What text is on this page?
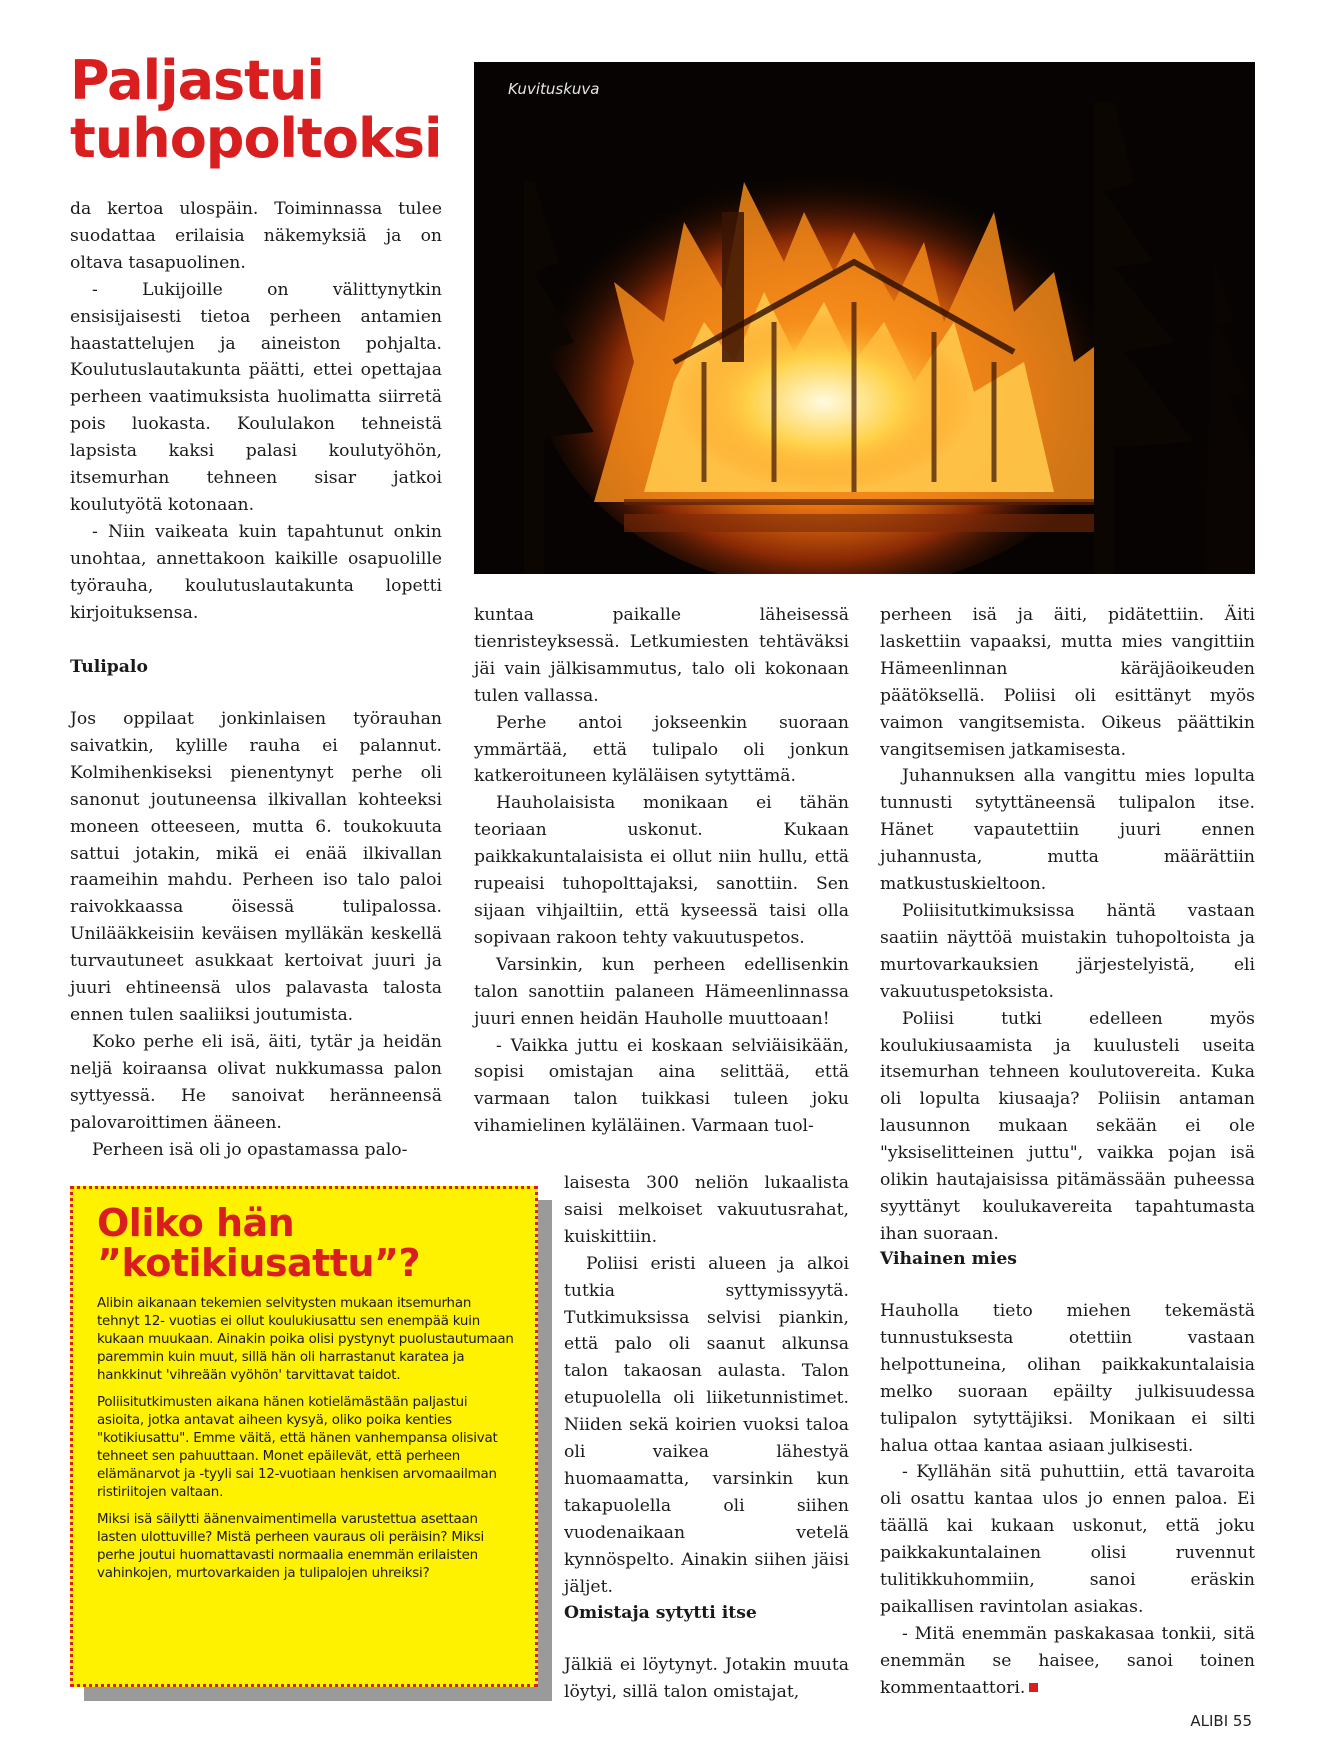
Paljastui
tuhopoltoksi
Kuvituskuva

da kertoa ulospäin. Toiminnassa tulee suodattaa erilaisia näkemyksiä ja on oltava tasapuolinen.

- Lukijoille on välittynytkin ensisijaisesti tietoa perheen antamien haastattelujen ja aineiston pohjalta. Koulutuslautakunta päätti, ettei opettajaa perheen vaatimuksista huolimatta siirretä pois luokasta. Koululakon tehneistä lapsista kaksi palasi koulutyöhön, itsemurhan tehneen sisar jatkoi koulutyötä kotonaan.

- Niin vaikeata kuin tapahtunut onkin unohtaa, annettakoon kaikille osapuolille työrauha, koulutuslautakunta lopetti kirjoituksensa.

Tulipalo

Jos oppilaat jonkinlaisen työrauhan saivatkin, kylille rauha ei palannut. Kolmihenkiseksi pienentynyt perhe oli sanonut joutuneensa ilkivallan kohteeksi moneen otteeseen, mutta 6. toukokuuta sattui jotakin, mikä ei enää ilkivallan raameihin mahdu. Perheen iso talo paloi raivokkaassa öisessä tulipalossa. Unilääkkeisiin keväisen mylläkän keskellä turvautuneet asukkaat kertoivat juuri ja juuri ehtineensä ulos palavasta talosta ennen tulen saaliiksi joutumista.

Koko perhe eli isä, äiti, tytär ja heidän neljä koiraansa olivat nukkumassa palon syttyessä. He sanoivat heränneensä palovaroittimen ääneen.

Perheen isä oli jo opastamassa palo-

kuntaa paikalle läheisessä tienristeyksessä. Letkumiesten tehtäväksi jäi vain jälkisammutus, talo oli kokonaan tulen vallassa.

Perhe antoi jokseenkin suoraan ymmärtää, että tulipalo oli jonkun katkeroituneen kyläläisen sytyttämä.

Hauholaisista monikaan ei tähän teoriaan uskonut. Kukaan paikkakuntalaisista ei ollut niin hullu, että rupeaisi tuhopolttajaksi, sanottiin. Sen sijaan vihjailtiin, että kyseessä taisi olla sopivaan rakoon tehty vakuutuspetos.

Varsinkin, kun perheen edellisenkin talon sanottiin palaneen Hämeenlinnassa juuri ennen heidän Hauholle muuttoaan!

- Vaikka juttu ei koskaan selviäisikään, sopisi omistajan aina selittää, että varmaan talon tuikkasi tuleen joku vihamielinen kyläläinen. Varmaan tuol-

laisesta 300 neliön lukaalista saisi melkoiset vakuutusrahat, kuiskittiin.

Poliisi eristi alueen ja alkoi tutkia syttymissyytä. Tutkimuksissa selvisi piankin, että palo oli saanut alkunsa talon takaosan aulasta. Talon etupuolella oli liiketunnistimet. Niiden sekä koirien vuoksi taloa oli vaikea lähestyä huomaamatta, varsinkin kun takapuolella oli siihen vuodenaikaan vetelä kynnöspelto. Ainakin siihen jäisi jäljet.

Omistaja sytytti itse

Jälkiä ei löytynyt. Jotakin muuta löytyi, sillä talon omistajat,

perheen isä ja äiti, pidätettiin. Äiti laskettiin vapaaksi, mutta mies vangittiin Hämeenlinnan käräjäoikeuden päätöksellä. Poliisi oli esittänyt myös vaimon vangitsemista. Oikeus päättikin vangitsemisen jatkamisesta.

Juhannuksen alla vangittu mies lopulta tunnusti sytyttäneensä tulipalon itse. Hänet vapautettiin juuri ennen juhannusta, mutta määrättiin matkustuskieltoon.

Poliisitutkimuksissa häntä vastaan saatiin näyttöä muistakin tuhopoltoista ja murtovarkauksien järjestelyistä, eli vakuutuspetoksista.

Poliisi tutki edelleen myös koulukiusaamista ja kuulusteli useita itsemurhan tehneen koulutovereita. Kuka oli lopulta kiusaaja? Poliisin antaman lausunnon mukaan sekään ei ole "yksiselitteinen juttu", vaikka pojan isä olikin hautajaisissa pitämässään puheessa syyttänyt koulukavereita tapahtumasta ihan suoraan.

Vihainen mies

Hauholla tieto miehen tekemästä tunnustuksesta otettiin vastaan helpottuneina, olihan paikkakuntalaisia melko suoraan epäilty julkisuudessa tulipalon sytyttäjiksi. Monikaan ei silti halua ottaa kantaa asiaan julkisesti.

- Kyllähän sitä puhuttiin, että tavaroita oli osattu kantaa ulos jo ennen paloa. Ei täällä kai kukaan uskonut, että joku paikkakuntalainen olisi ruvennut tulitikkuhommiin, sanoi eräskin paikallisen ravintolan asiakas.

- Mitä enemmän paskakasaa tonkii, sitä enemmän se haisee, sanoi toinen kommentaattori.

Oliko hän
”kotikiusattu”?

Alibin aikanaan tekemien selvitysten mukaan itsemurhan tehnyt 12- vuotias ei ollut koulukiusattu sen enempää kuin kukaan muukaan. Ainakin poika olisi pystynyt puolustautumaan paremmin kuin muut, sillä hän oli harrastanut karatea ja hankkinut 'vihreään vyöhön' tarvittavat taidot.

Poliisitutkimusten aikana hänen kotielämästään paljastui asioita, jotka antavat aiheen kysyä, oliko poika kenties "kotikiusattu". Emme väitä, että hänen vanhempansa olisivat tehneet sen pahuuttaan. Monet epäilevät, että perheen elämänarvot ja -tyyli sai 12-vuotiaan henkisen arvomaailman ristiriitojen valtaan.

Miksi isä säilytti äänenvaimentimella varustettua asettaan lasten ulottuville? Mistä perheen vauraus oli peräisin? Miksi perhe joutui huomattavasti normaalia enemmän erilaisten vahinkojen, murtovarkaiden ja tulipalojen uhreiksi?

ALIBI 55
